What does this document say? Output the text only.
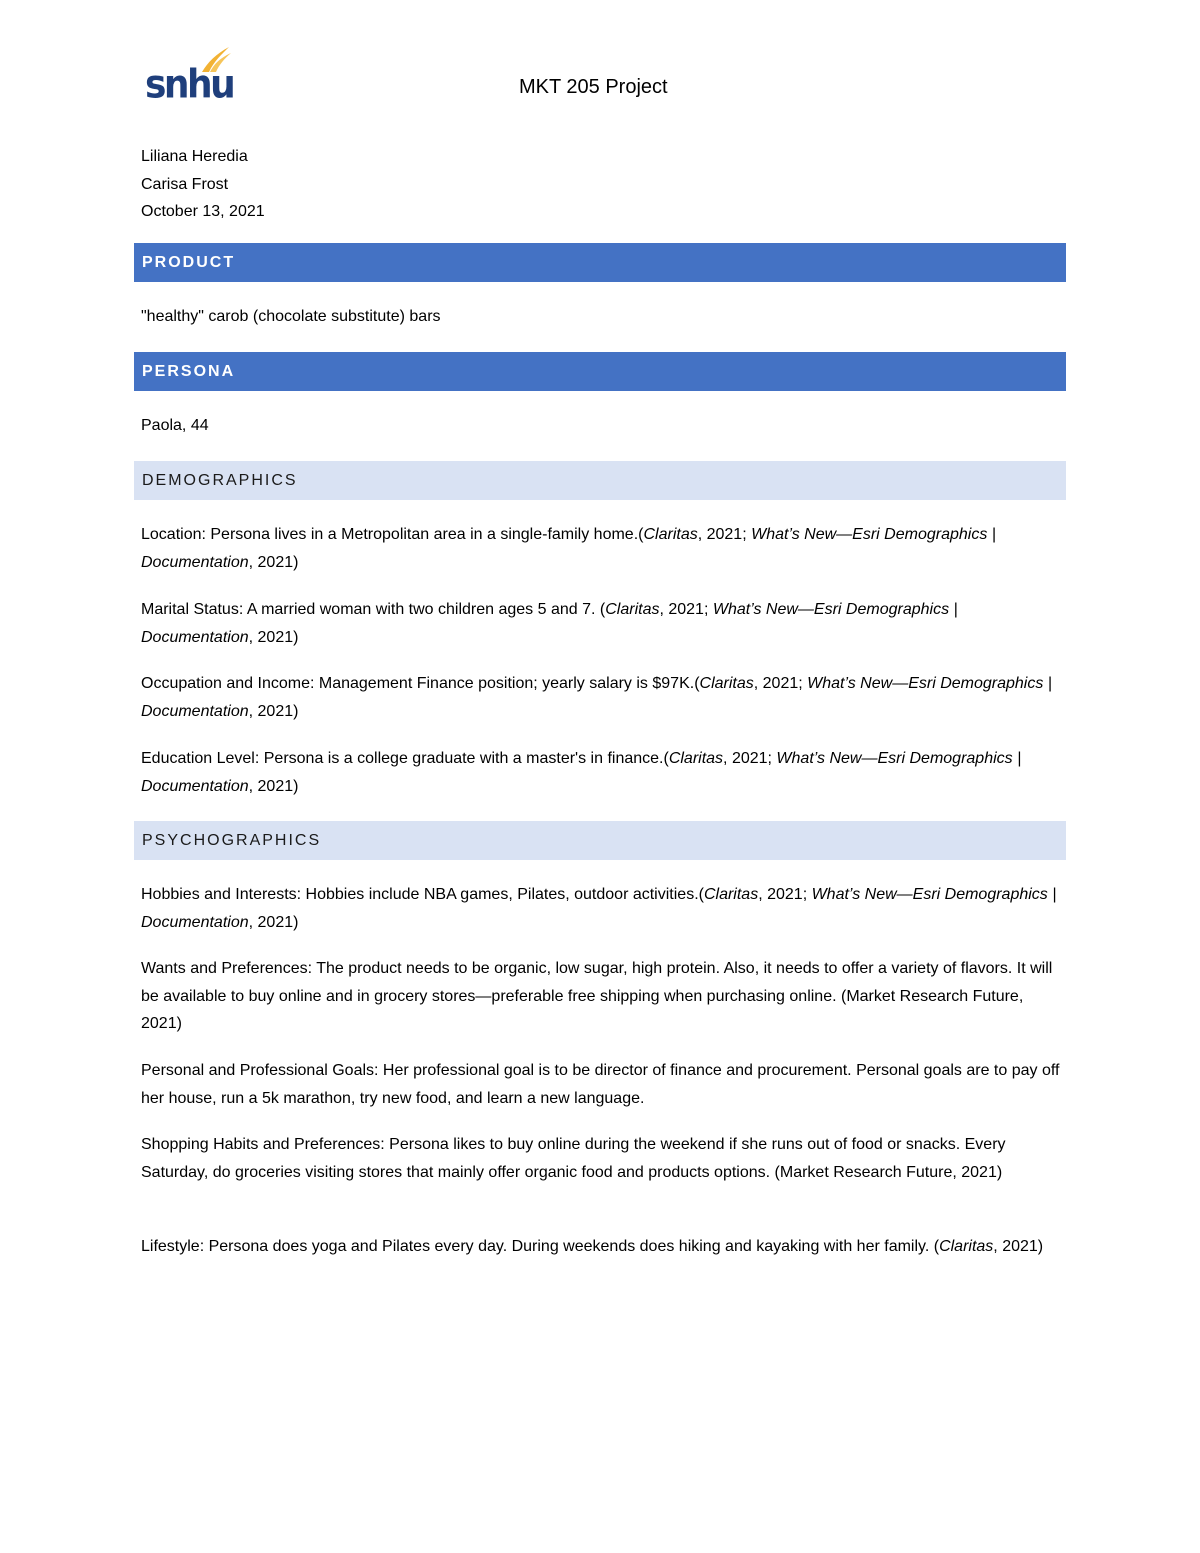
snhu	MKT 205 Project
Liliana Heredia
Carisa Frost
October 13, 2021
PRODUCT
"healthy" carob (chocolate substitute) bars
PERSONA
Paola, 44
DEMOGRAPHICS
Location: Persona lives in a Metropolitan area in a single-family home.(Claritas, 2021; What’s New—Esri Demographics | Documentation, 2021)
Marital Status: A married woman with two children ages 5 and 7. (Claritas, 2021; What’s New—Esri Demographics | Documentation, 2021)
Occupation and Income: Management Finance position; yearly salary is $97K.(Claritas, 2021; What’s New—Esri Demographics | Documentation, 2021)
Education Level: Persona is a college graduate with a master's in finance.(Claritas, 2021; What’s New—Esri Demographics | Documentation, 2021)
PSYCHOGRAPHICS
Hobbies and Interests: Hobbies include NBA games, Pilates, outdoor activities.(Claritas, 2021; What’s New—Esri Demographics | Documentation, 2021)
Wants and Preferences: The product needs to be organic, low sugar, high protein. Also, it needs to offer a variety of flavors. It will be available to buy online and in grocery stores—preferable free shipping when purchasing online. (Market Research Future, 2021)
Personal and Professional Goals: Her professional goal is to be director of finance and procurement. Personal goals are to pay off her house, run a 5k marathon, try new food, and learn a new language.
Shopping Habits and Preferences: Persona likes to buy online during the weekend if she runs out of food or snacks. Every Saturday, do groceries visiting stores that mainly offer organic food and products options. (Market Research Future, 2021)
Lifestyle: Persona does yoga and Pilates every day. During weekends does hiking and kayaking with her family. (Claritas, 2021)
